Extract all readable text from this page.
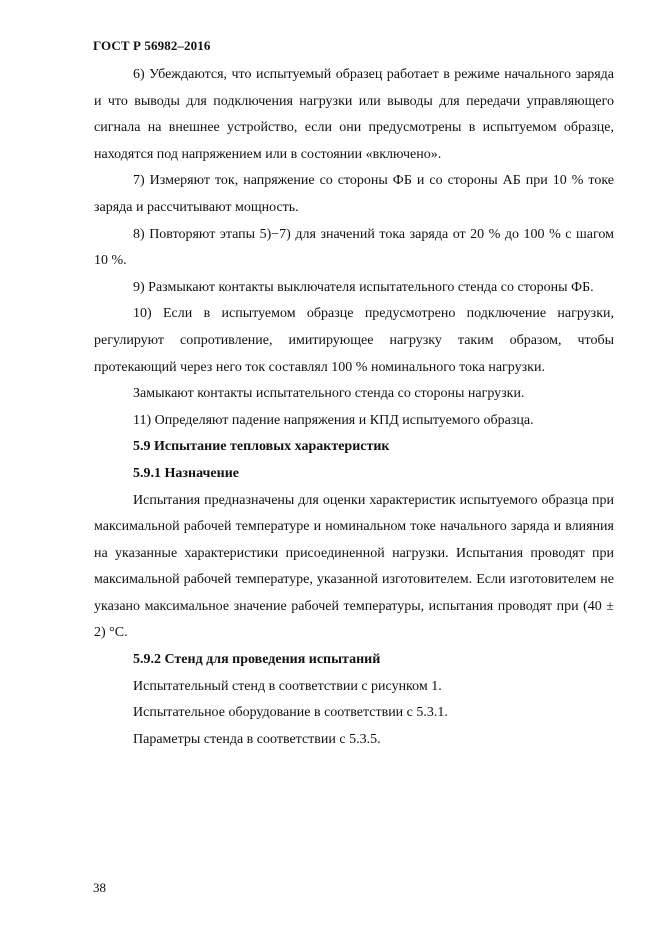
ГОСТ Р 56982–2016

6) Убеждаются, что испытуемый образец работает в режиме начального заряда и что выводы для подключения нагрузки или выводы для передачи управляющего сигнала на внешнее устройство, если они предусмотрены в испытуемом образце, находятся под напряжением или в состоянии «включено».

7) Измеряют ток, напряжение со стороны ФБ и со стороны АБ при 10 % токе заряда и рассчитывают мощность.

8) Повторяют этапы 5)−7) для значений тока заряда от 20 % до 100 % с шагом 10 %.

9) Размыкают контакты выключателя испытательного стенда со стороны ФБ.

10) Если в испытуемом образце предусмотрено подключение нагрузки, регулируют сопротивление, имитирующее нагрузку таким образом, чтобы протекающий через него ток составлял 100 % номинального тока нагрузки.

Замыкают контакты испытательного стенда со стороны нагрузки.

11) Определяют падение напряжения и КПД испытуемого образца.

5.9 Испытание тепловых характеристик

5.9.1 Назначение

Испытания предназначены для оценки характеристик испытуемого образца при максимальной рабочей температуре и номинальном токе начального заряда и влияния на указанные характеристики присоединенной нагрузки. Испытания проводят при максимальной рабочей температуре, указанной изготовителем. Если изготовителем не указано максимальное значение рабочей температуры, испытания проводят при (40 ± 2) °С.

5.9.2 Стенд для проведения испытаний

Испытательный стенд в соответствии с рисунком 1.

Испытательное оборудование в соответствии с 5.3.1.

Параметры стенда в соответствии с 5.3.5.

38
